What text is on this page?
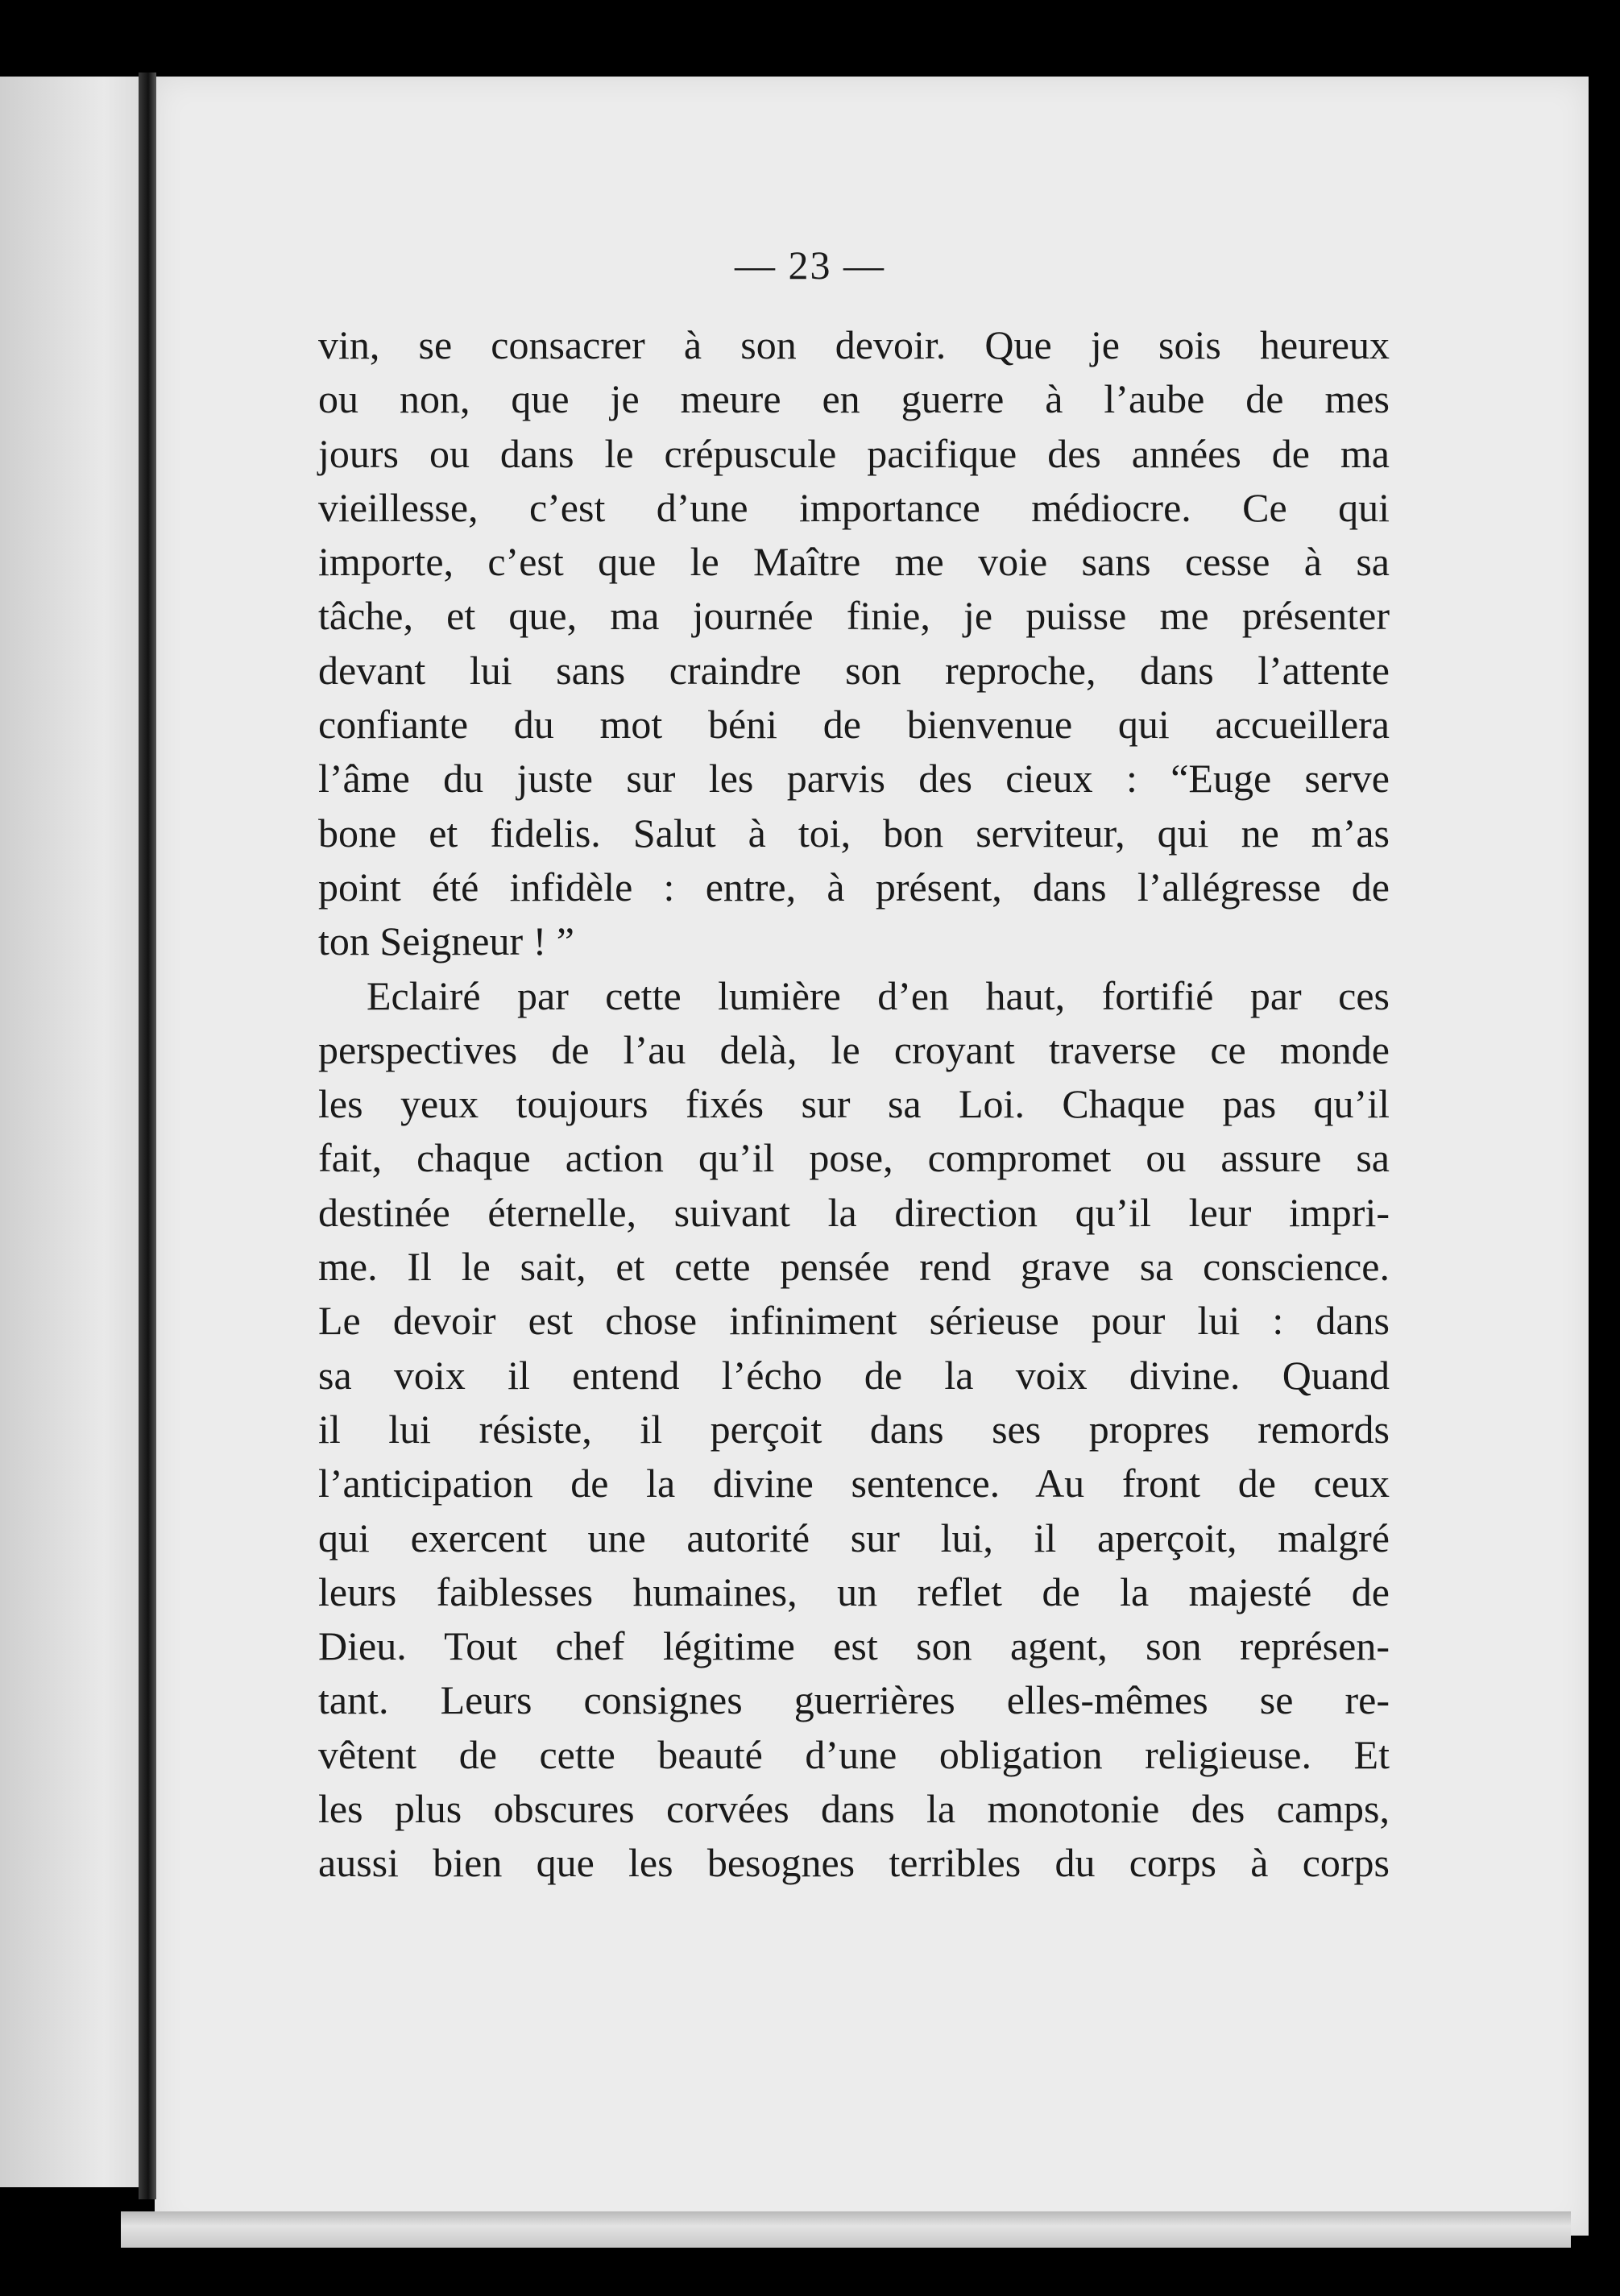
— 23 —
vin, se consacrer à son devoir. Que je sois heureux
ou non, que je meure en guerre à l’aube de mes
jours ou dans le crépuscule pacifique des années de ma
vieillesse, c’est d’une importance médiocre. Ce qui
importe, c’est que le Maître me voie sans cesse à sa
tâche, et que, ma journée finie, je puisse me présenter
devant lui sans craindre son reproche, dans l’attente
confiante du mot béni de bienvenue qui accueillera
l’âme du juste sur les parvis des cieux : “Euge serve
bone et fidelis. Salut à toi, bon serviteur, qui ne m’as
point été infidèle : entre, à présent, dans l’allégresse de
ton Seigneur ! ”
Eclairé par cette lumière d’en haut, fortifié par ces
perspectives de l’au delà, le croyant traverse ce monde
les yeux toujours fixés sur sa Loi. Chaque pas qu’il
fait, chaque action qu’il pose, compromet ou assure sa
destinée éternelle, suivant la direction qu’il leur impri-
me. Il le sait, et cette pensée rend grave sa conscience.
Le devoir est chose infiniment sérieuse pour lui : dans
sa voix il entend l’écho de la voix divine. Quand
il lui résiste, il perçoit dans ses propres remords
l’anticipation de la divine sentence. Au front de ceux
qui exercent une autorité sur lui, il aperçoit, malgré
leurs faiblesses humaines, un reflet de la majesté de
Dieu. Tout chef légitime est son agent, son représen-
tant. Leurs consignes guerrières elles-mêmes se re-
vêtent de cette beauté d’une obligation religieuse. Et
les plus obscures corvées dans la monotonie des camps,
aussi bien que les besognes terribles du corps à corps
